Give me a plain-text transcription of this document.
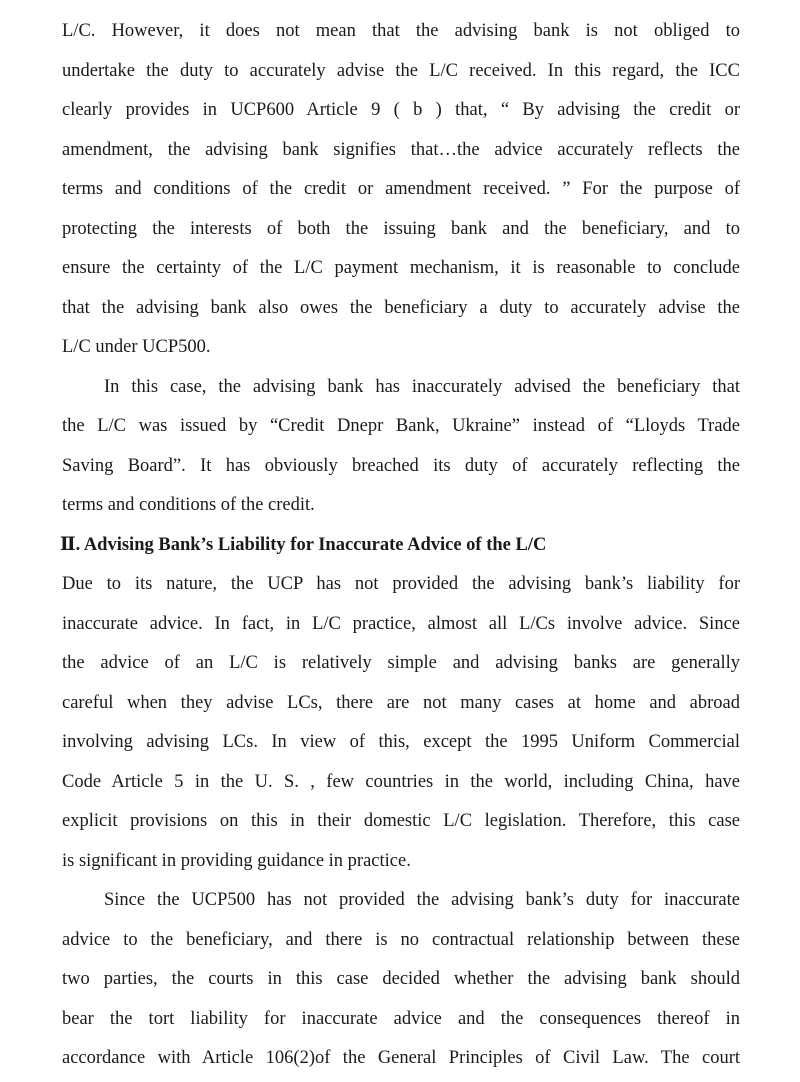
L/C. However, it does not mean that the advising bank is not obliged to
undertake the duty to accurately advise the L/C received. In this regard, the ICC
clearly provides in UCP600 Article 9 ( b ) that, “ By advising the credit or
amendment, the advising bank signifies that…the advice accurately reflects the
terms and conditions of the credit or amendment received. ” For the purpose of
protecting the interests of both the issuing bank and the beneficiary, and to
ensure the certainty of the L/C payment mechanism, it is reasonable to conclude
that the advising bank also owes the beneficiary a duty to accurately advise the
L/C under UCP500.
In this case, the advising bank has inaccurately advised the beneficiary that
the L/C was issued by “Credit Dnepr Bank, Ukraine” instead of “Lloyds Trade
Saving Board”. It has obviously breached its duty of accurately reflecting the
terms and conditions of the credit.
Ⅱ. Advising Bank’s Liability for Inaccurate Advice of the L/C
Due to its nature, the UCP has not provided the advising bank’s liability for
inaccurate advice. In fact, in L/C practice, almost all L/Cs involve advice. Since
the advice of an L/C is relatively simple and advising banks are generally
careful when they advise LCs, there are not many cases at home and abroad
involving advising LCs. In view of this, except the 1995 Uniform Commercial
Code Article 5 in the U. S. , few countries in the world, including China, have
explicit provisions on this in their domestic L/C legislation. Therefore, this case
is significant in providing guidance in practice.
Since the UCP500 has not provided the advising bank’s duty for inaccurate
advice to the beneficiary, and there is no contractual relationship between these
two parties, the courts in this case decided whether the advising bank should
bear the tort liability for inaccurate advice and the consequences thereof in
accordance with Article 106(2)of the General Principles of Civil Law. The court
